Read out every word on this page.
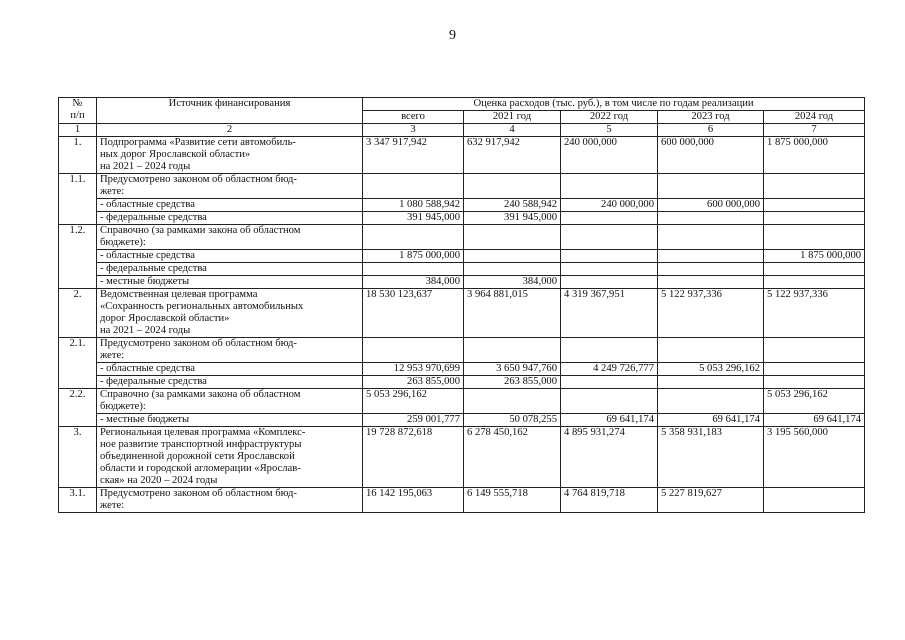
9
№
п/п	Источник финансирования	Оценка расходов (тыс. руб.), в том числе по годам реализации				
		всего	2021 год	2022 год	2023 год	2024 год
1	2	3	4	5	6	7
1.	Подпрограмма «Развитие сети автомобиль-
ных дорог Ярославской области»
на 2021 – 2024 годы	3 347 917,942	632 917,942	240 000,000	600 000,000	1 875 000,000
1.1.	Предусмотрено законом об областном бюд-
жете:					
	- областные средства	1 080 588,942	240 588,942	240 000,000	600 000,000	
	- федеральные средства	391 945,000	391 945,000			
1.2.	Справочно (за рамками закона об областном
бюджете):					
	- областные средства	1 875 000,000				1 875 000,000
	- федеральные средства					
	- местные бюджеты	384,000	384,000			
2.	Ведомственная целевая программа
«Сохранность региональных автомобильных
дорог Ярославской области»
на 2021 – 2024 годы	18 530 123,637	3 964 881,015	4 319 367,951	5 122 937,336	5 122 937,336
2.1.	Предусмотрено законом об областном бюд-
жете:					
	- областные средства	12 953 970,699	3 650 947,760	4 249 726,777	5 053 296,162	
	- федеральные средства	263 855,000	263 855,000			
2.2.	Справочно (за рамками закона об областном
бюджете):	5 053 296,162				5 053 296,162
	- местные бюджеты	259 001,777	50 078,255	69 641,174	69 641,174	69 641,174
3.	Региональная целевая программа «Комплекс-
ное развитие транспортной инфраструктуры
объединенной дорожной сети Ярославской
области и городской агломерации «Ярослав-
ская» на 2020 – 2024 годы	19 728 872,618	6 278 450,162	4 895 931,274	5 358 931,183	3 195 560,000
3.1.	Предусмотрено законом об областном бюд-
жете:	16 142 195,063	6 149 555,718	4 764 819,718	5 227 819,627	
